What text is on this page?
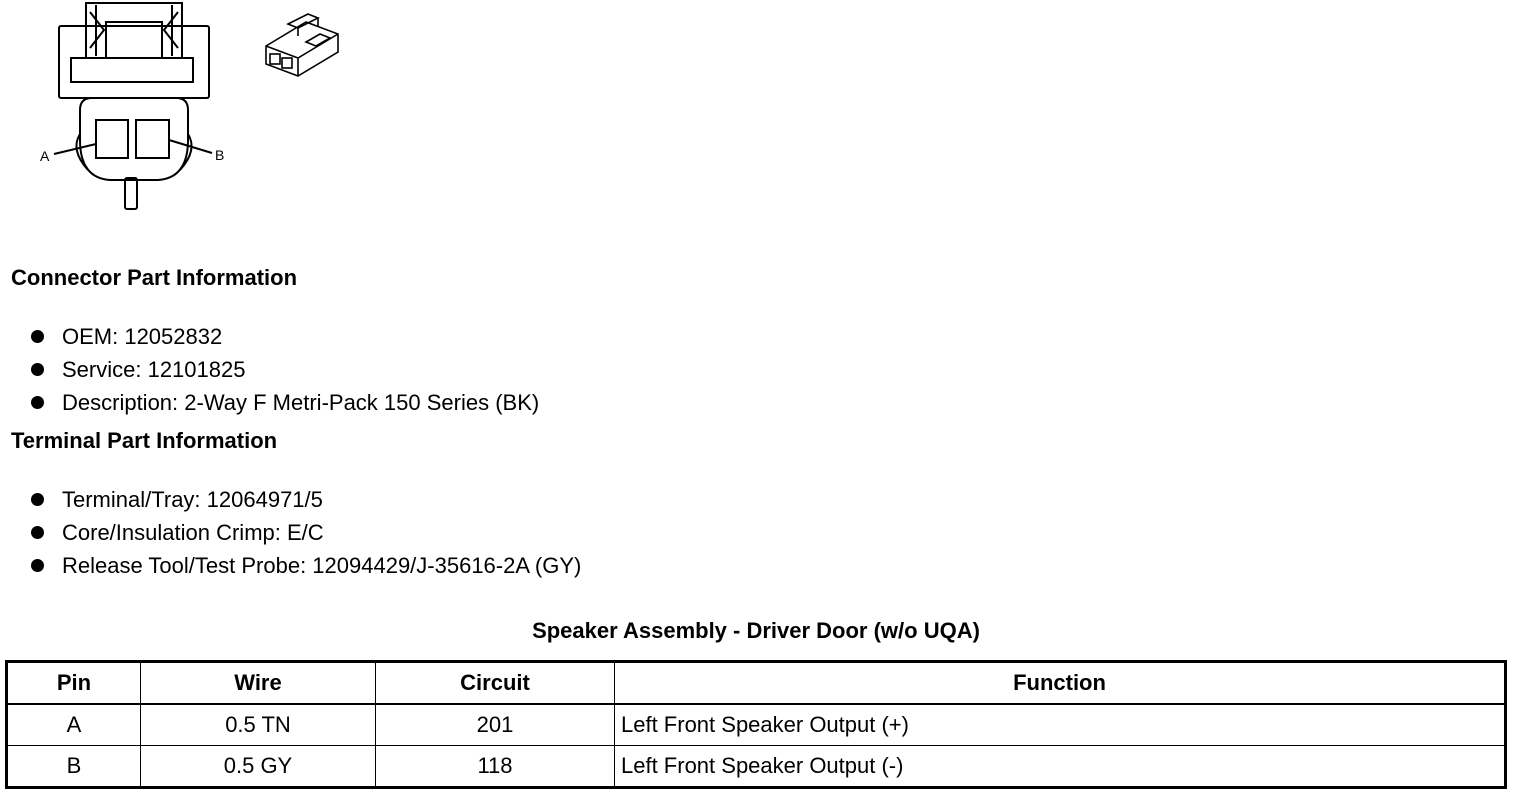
A	B
Connector Part Information
OEM: 12052832
Service: 12101825
Description: 2-Way F Metri-Pack 150 Series (BK)
Terminal Part Information
Terminal/Tray: 12064971/5
Core/Insulation Crimp: E/C
Release Tool/Test Probe: 12094429/J-35616-2A (GY)
Speaker Assembly - Driver Door (w/o UQA)
Pin	Wire	Circuit	Function
A	0.5 TN	201	Left Front Speaker Output (+)
B	0.5 GY	118	Left Front Speaker Output (-)
